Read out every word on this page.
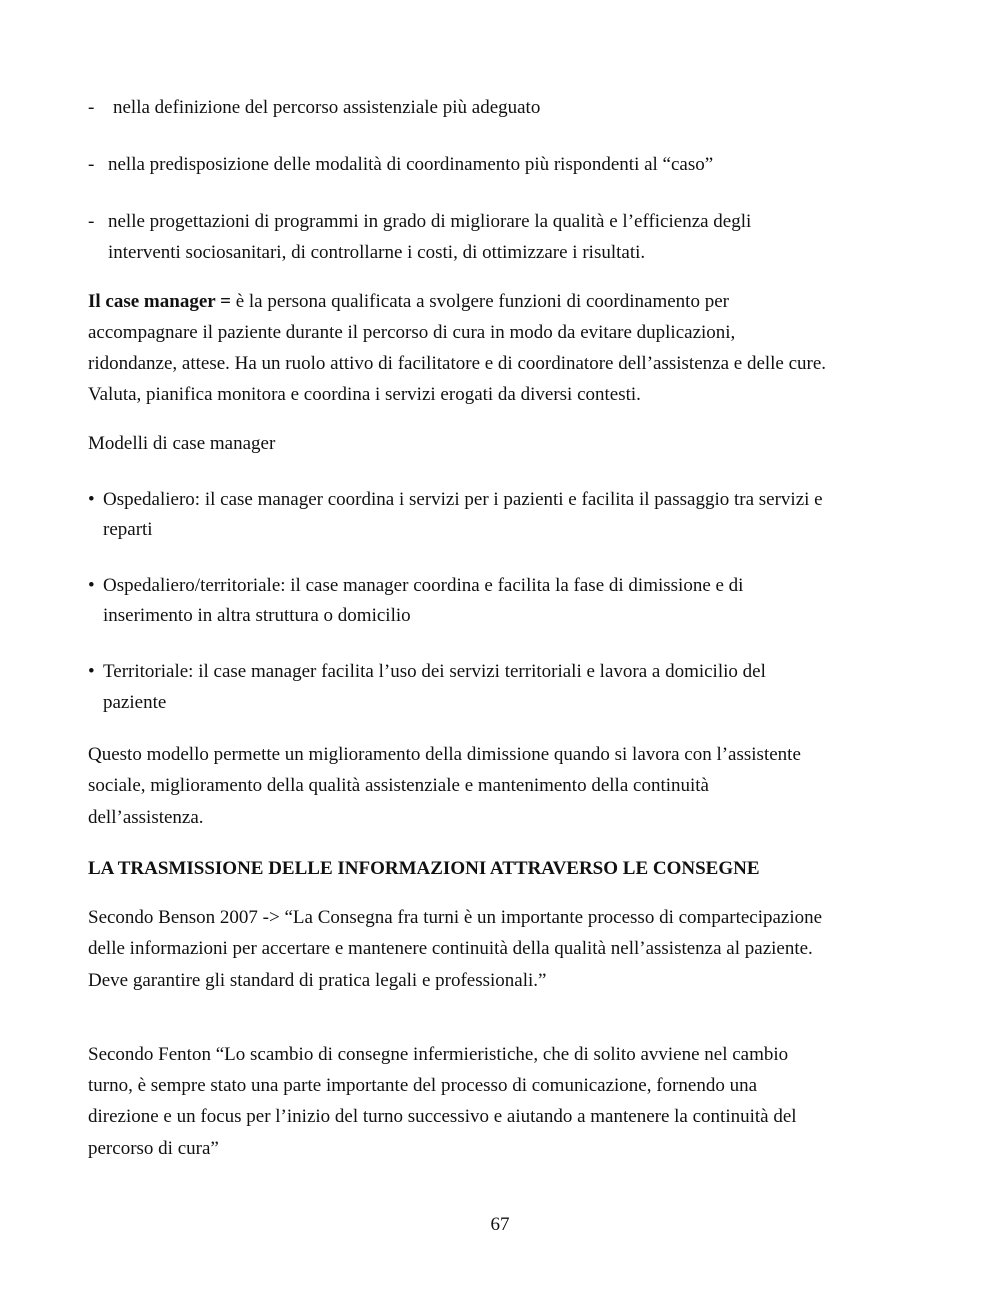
- nella definizione del percorso assistenziale più adeguato
- nella predisposizione delle modalità di coordinamento più rispondenti al “caso”
- nelle progettazioni di programmi in grado di migliorare la qualità e l’efficienza degli
interventi sociosanitari, di controllarne i costi, di ottimizzare i risultati.
Il case manager = è la persona qualificata a svolgere funzioni di coordinamento per
accompagnare il paziente durante il percorso di cura in modo da evitare duplicazioni,
ridondanze, attese. Ha un ruolo attivo di facilitatore e di coordinatore dell’assistenza e delle cure.
Valuta, pianifica monitora e coordina i servizi erogati da diversi contesti.
Modelli di case manager
• Ospedaliero: il case manager coordina i servizi per i pazienti e facilita il passaggio tra servizi e
reparti
• Ospedaliero/territoriale: il case manager coordina e facilita la fase di dimissione e di
inserimento in altra struttura o domicilio
• Territoriale: il case manager facilita l’uso dei servizi territoriali e lavora a domicilio del
paziente
Questo modello permette un miglioramento della dimissione quando si lavora con l’assistente
sociale, miglioramento della qualità assistenziale e mantenimento della continuità
dell’assistenza.
LA TRASMISSIONE DELLE INFORMAZIONI ATTRAVERSO LE CONSEGNE
Secondo Benson 2007 -> “La Consegna fra turni è un importante processo di compartecipazione
delle informazioni per accertare e mantenere continuità della qualità nell’assistenza al paziente.
Deve garantire gli standard di pratica legali e professionali.”
Secondo Fenton “Lo scambio di consegne infermieristiche, che di solito avviene nel cambio
turno, è sempre stato una parte importante del processo di comunicazione, fornendo una
direzione e un focus per l’inizio del turno successivo e aiutando a mantenere la continuità del
percorso di cura”
67
